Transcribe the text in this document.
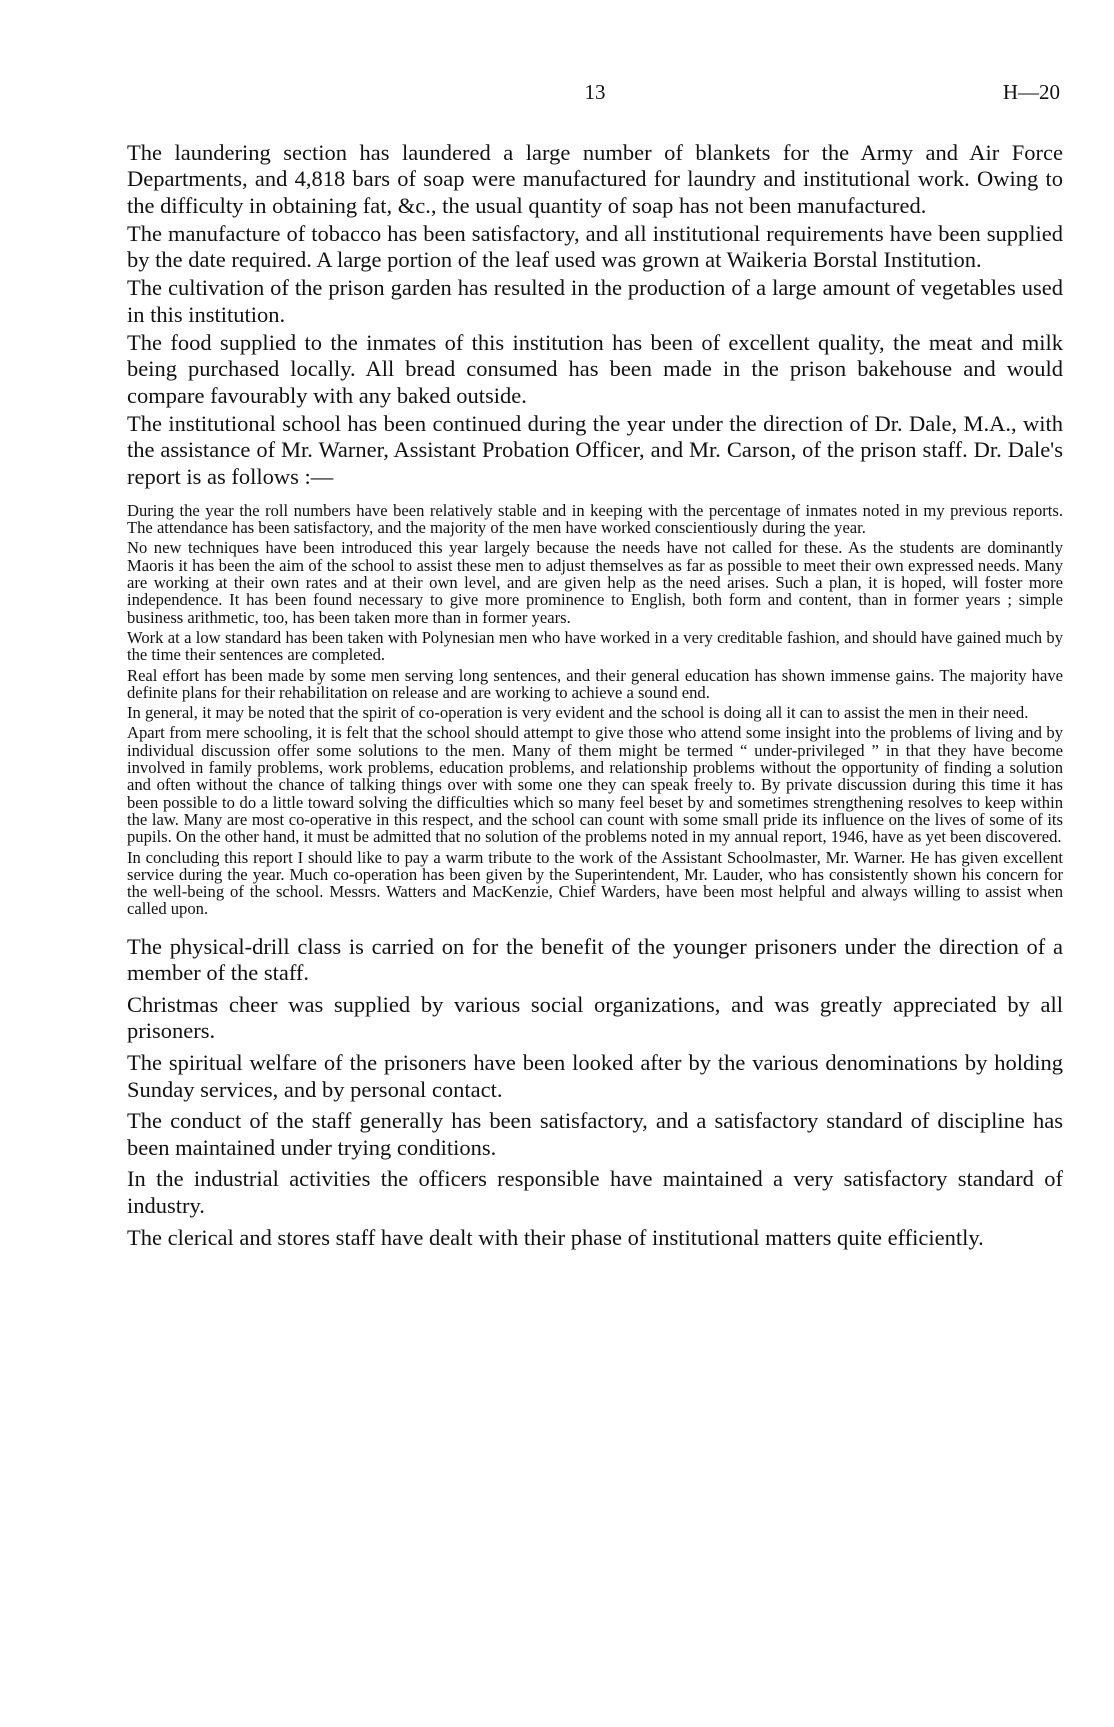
13	H—20

The laundering section has laundered a large number of blankets for the Army and Air Force Departments, and 4,818 bars of soap were manufactured for laundry and institutional work. Owing to the difficulty in obtaining fat, &c., the usual quantity of soap has not been manufactured.

The manufacture of tobacco has been satisfactory, and all institutional requirements have been supplied by the date required. A large portion of the leaf used was grown at Waikeria Borstal Institution.

The cultivation of the prison garden has resulted in the production of a large amount of vegetables used in this institution.

The food supplied to the inmates of this institution has been of excellent quality, the meat and milk being purchased locally. All bread consumed has been made in the prison bakehouse and would compare favourably with any baked outside.

The institutional school has been continued during the year under the direction of Dr. Dale, M.A., with the assistance of Mr. Warner, Assistant Probation Officer, and Mr. Carson, of the prison staff. Dr. Dale's report is as follows :—

During the year the roll numbers have been relatively stable and in keeping with the percentage of inmates noted in my previous reports. The attendance has been satisfactory, and the majority of the men have worked conscientiously during the year.

No new techniques have been introduced this year largely because the needs have not called for these. As the students are dominantly Maoris it has been the aim of the school to assist these men to adjust themselves as far as possible to meet their own expressed needs. Many are working at their own rates and at their own level, and are given help as the need arises. Such a plan, it is hoped, will foster more independence. It has been found necessary to give more prominence to English, both form and content, than in former years ; simple business arithmetic, too, has been taken more than in former years.

Work at a low standard has been taken with Polynesian men who have worked in a very creditable fashion, and should have gained much by the time their sentences are completed.

Real effort has been made by some men serving long sentences, and their general education has shown immense gains. The majority have definite plans for their rehabilitation on release and are working to achieve a sound end.

In general, it may be noted that the spirit of co-operation is very evident and the school is doing all it can to assist the men in their need.

Apart from mere schooling, it is felt that the school should attempt to give those who attend some insight into the problems of living and by individual discussion offer some solutions to the men. Many of them might be termed “ under-privileged ” in that they have become involved in family problems, work problems, education problems, and relationship problems without the opportunity of finding a solution and often without the chance of talking things over with some one they can speak freely to. By private discussion during this time it has been possible to do a little toward solving the difficulties which so many feel beset by and sometimes strengthening resolves to keep within the law. Many are most co-operative in this respect, and the school can count with some small pride its influence on the lives of some of its pupils. On the other hand, it must be admitted that no solution of the problems noted in my annual report, 1946, have as yet been discovered.

In concluding this report I should like to pay a warm tribute to the work of the Assistant Schoolmaster, Mr. Warner. He has given excellent service during the year. Much co-operation has been given by the Superintendent, Mr. Lauder, who has consistently shown his concern for the well-being of the school. Messrs. Watters and MacKenzie, Chief Warders, have been most helpful and always willing to assist when called upon.

The physical-drill class is carried on for the benefit of the younger prisoners under the direction of a member of the staff.

Christmas cheer was supplied by various social organizations, and was greatly appreciated by all prisoners.

The spiritual welfare of the prisoners have been looked after by the various denominations by holding Sunday services, and by personal contact.

The conduct of the staff generally has been satisfactory, and a satisfactory standard of discipline has been maintained under trying conditions.

In the industrial activities the officers responsible have maintained a very satisfactory standard of industry.

The clerical and stores staff have dealt with their phase of institutional matters quite efficiently.
